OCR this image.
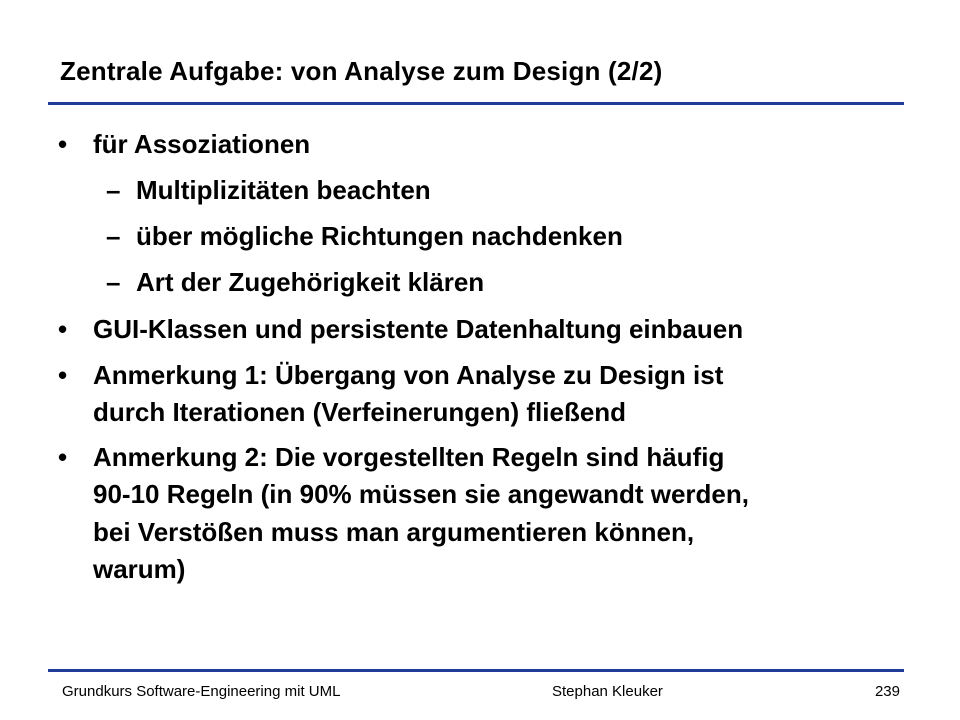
Zentrale Aufgabe: von Analyse zum Design (2/2)
• für Assoziationen
– Multiplizitäten beachten
– über mögliche Richtungen nachdenken
– Art der Zugehörigkeit klären
• GUI-Klassen und persistente Datenhaltung einbauen
• Anmerkung 1: Übergang von Analyse zu Design ist
durch Iterationen (Verfeinerungen) fließend
• Anmerkung 2: Die vorgestellten Regeln sind häufig
90-10 Regeln (in 90% müssen sie angewandt werden,
bei Verstößen muss man argumentieren können,
warum)
Grundkurs Software-Engineering mit UML	Stephan Kleuker	239
